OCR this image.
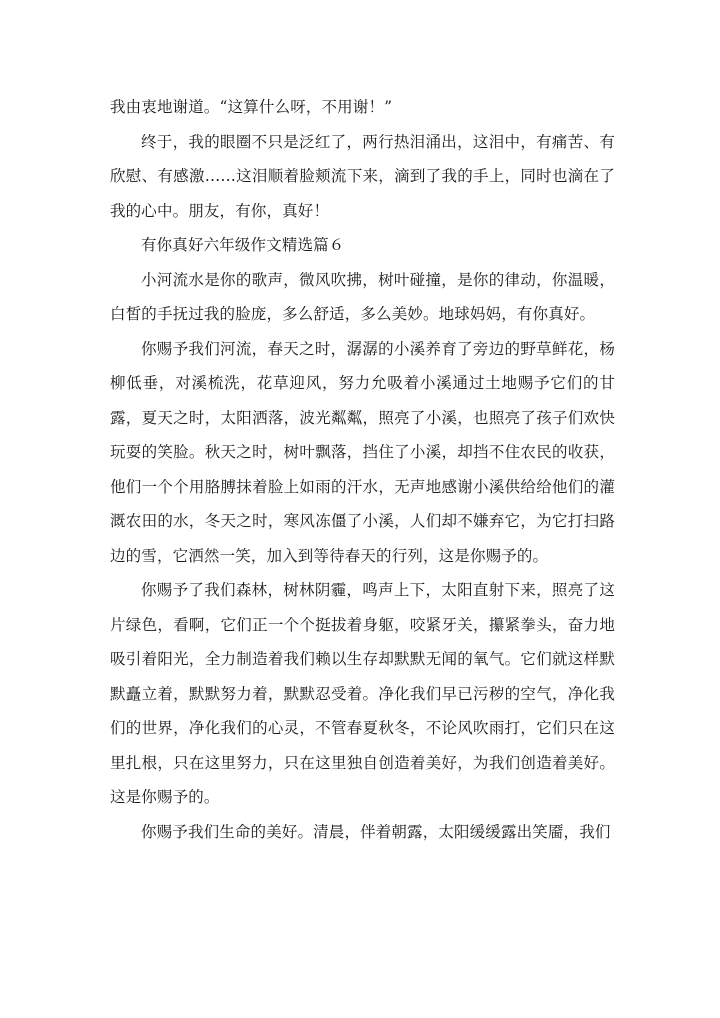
我由衷地谢道。“这算什么呀，不用谢！”

终于，我的眼圈不只是泛红了，两行热泪涌出，这泪中，有痛苦、有欣慰、有感激……这泪顺着脸颊流下来，滴到了我的手上，同时也滴在了我的心中。朋友，有你，真好！

有你真好六年级作文精选篇６

小河流水是你的歌声，微风吹拂，树叶碰撞，是你的律动，你温暖，白皙的手抚过我的脸庞，多么舒适，多么美妙。地球妈妈，有你真好。

你赐予我们河流，春天之时，潺潺的小溪养育了旁边的野草鲜花，杨柳低垂，对溪梳洗，花草迎风，努力允吸着小溪通过土地赐予它们的甘露，夏天之时，太阳洒落，波光粼粼，照亮了小溪，也照亮了孩子们欢快玩耍的笑脸。秋天之时，树叶飘落，挡住了小溪，却挡不住农民的收获，他们一个个用胳膊抹着脸上如雨的汗水，无声地感谢小溪供给给他们的灌溉农田的水，冬天之时，寒风冻僵了小溪，人们却不嫌弃它，为它打扫路边的雪，它洒然一笑，加入到等待春天的行列，这是你赐予的。

你赐予了我们森林，树林阴霾，鸣声上下，太阳直射下来，照亮了这片绿色，看啊，它们正一个个挺拔着身躯，咬紧牙关，攥紧拳头，奋力地吸引着阳光，全力制造着我们赖以生存却默默无闻的氧气。它们就这样默默矗立着，默默努力着，默默忍受着。净化我们早已污秽的空气，净化我们的世界，净化我们的心灵，不管春夏秋冬，不论风吹雨打，它们只在这里扎根，只在这里努力，只在这里独自创造着美好，为我们创造着美好。这是你赐予的。

你赐予我们生命的美好。清晨，伴着朝露，太阳缓缓露出笑靥，我们
